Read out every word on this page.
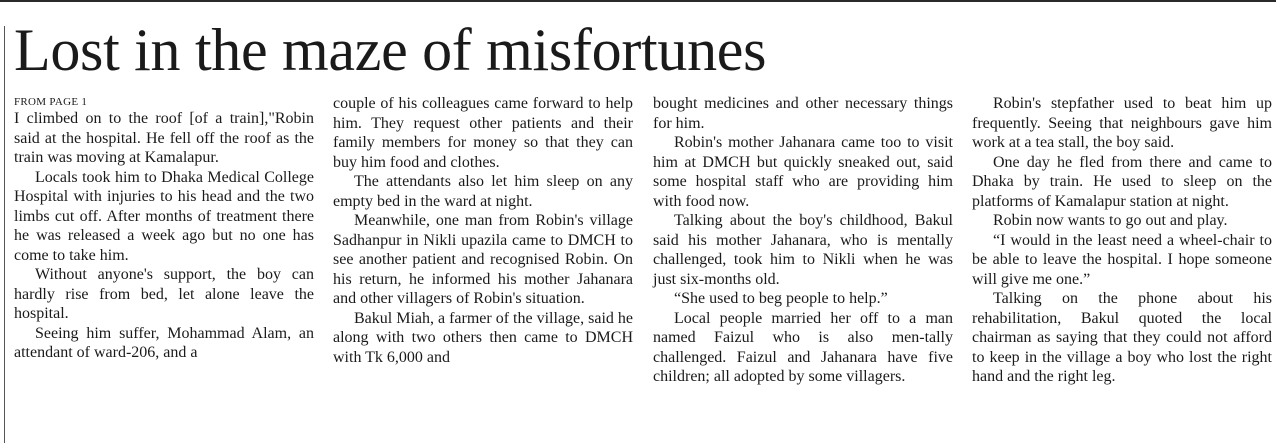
Lost in the maze of misfortunes
FROM PAGE 1

I climbed on to the roof [of a train],"Robin said at the hospital. He fell off the roof as the train was moving at Kamalapur.

Locals took him to Dhaka Medical College Hospital with injuries to his head and the two limbs cut off. After months of treatment there he was released a week ago but no one has come to take him.

Without anyone's support, the boy can hardly rise from bed, let alone leave the hospital.

Seeing him suffer, Mohammad Alam, an attendant of ward-206, and a

couple of his colleagues came forward to help him. They request other patients and their family members for money so that they can buy him food and clothes.

The attendants also let him sleep on any empty bed in the ward at night.

Meanwhile, one man from Robin's village Sadhanpur in Nikli upazila came to DMCH to see another patient and recognised Robin. On his return, he informed his mother Jahanara and other villagers of Robin's situation.

Bakul Miah, a farmer of the village, said he along with two others then came to DMCH with Tk 6,000 and

bought medicines and other necessary things for him.

Robin's mother Jahanara came too to visit him at DMCH but quickly sneaked out, said some hospital staff who are providing him with food now.

Talking about the boy's childhood, Bakul said his mother Jahanara, who is mentally challenged, took him to Nikli when he was just six-months old.

“She used to beg people to help.”

Local people married her off to a man named Faizul who is also men-tally challenged. Faizul and Jahanara have five children; all adopted by some villagers.

Robin's stepfather used to beat him up frequently. Seeing that neighbours gave him work at a tea stall, the boy said.

One day he fled from there and came to Dhaka by train. He used to sleep on the platforms of Kamalapur station at night.

Robin now wants to go out and play.

“I would in the least need a wheel-chair to be able to leave the hospital. I hope someone will give me one.”

Talking on the phone about his rehabilitation, Bakul quoted the local chairman as saying that they could not afford to keep in the village a boy who lost the right hand and the right leg.
